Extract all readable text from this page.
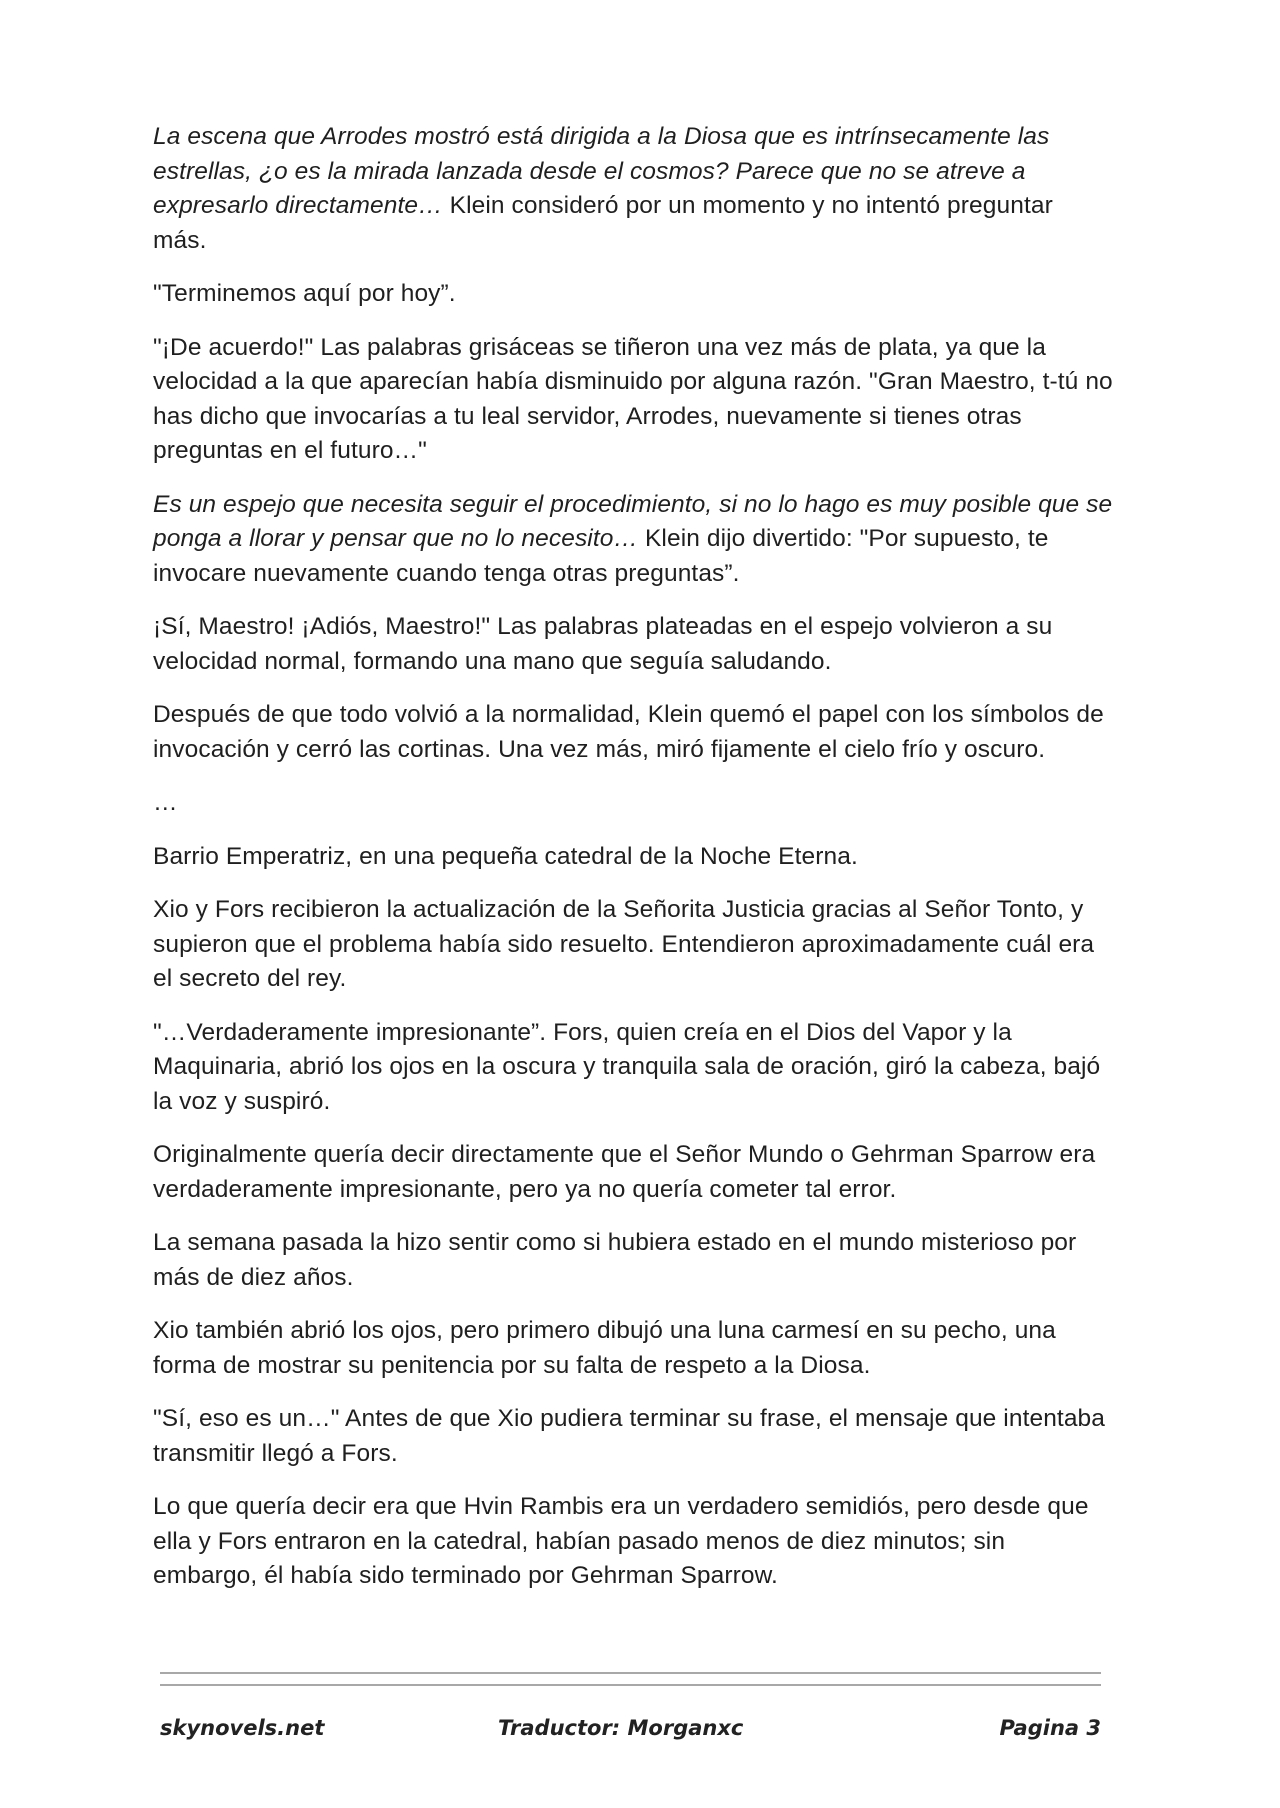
La escena que Arrodes mostró está dirigida a la Diosa que es intrínsecamente las estrellas, ¿o es la mirada lanzada desde el cosmos? Parece que no se atreve a expresarlo directamente… Klein consideró por un momento y no intentó preguntar más.

"Terminemos aquí por hoy”.

"¡De acuerdo!" Las palabras grisáceas se tiñeron una vez más de plata, ya que la velocidad a la que aparecían había disminuido por alguna razón. "Gran Maestro, t-tú no has dicho que invocarías a tu leal servidor, Arrodes, nuevamente si tienes otras preguntas en el futuro…"

Es un espejo que necesita seguir el procedimiento, si no lo hago es muy posible que se ponga a llorar y pensar que no lo necesito… Klein dijo divertido: "Por supuesto, te invocare nuevamente cuando tenga otras preguntas”.

¡Sí, Maestro! ¡Adiós, Maestro!" Las palabras plateadas en el espejo volvieron a su velocidad normal, formando una mano que seguía saludando.

Después de que todo volvió a la normalidad, Klein quemó el papel con los símbolos de invocación y cerró las cortinas. Una vez más, miró fijamente el cielo frío y oscuro.

…

Barrio Emperatriz, en una pequeña catedral de la Noche Eterna.

Xio y Fors recibieron la actualización de la Señorita Justicia gracias al Señor Tonto, y supieron que el problema había sido resuelto. Entendieron aproximadamente cuál era el secreto del rey.

"…Verdaderamente impresionante”. Fors, quien creía en el Dios del Vapor y la Maquinaria, abrió los ojos en la oscura y tranquila sala de oración, giró la cabeza, bajó la voz y suspiró.

Originalmente quería decir directamente que el Señor Mundo o Gehrman Sparrow era verdaderamente impresionante, pero ya no quería cometer tal error.

La semana pasada la hizo sentir como si hubiera estado en el mundo misterioso por más de diez años.

Xio también abrió los ojos, pero primero dibujó una luna carmesí en su pecho, una forma de mostrar su penitencia por su falta de respeto a la Diosa.

"Sí, eso es un…" Antes de que Xio pudiera terminar su frase, el mensaje que intentaba transmitir llegó a Fors.

Lo que quería decir era que Hvin Rambis era un verdadero semidiós, pero desde que ella y Fors entraron en la catedral, habían pasado menos de diez minutos; sin embargo, él había sido terminado por Gehrman Sparrow.

skynovels.net	Traductor: Morganxc	Pagina 3
